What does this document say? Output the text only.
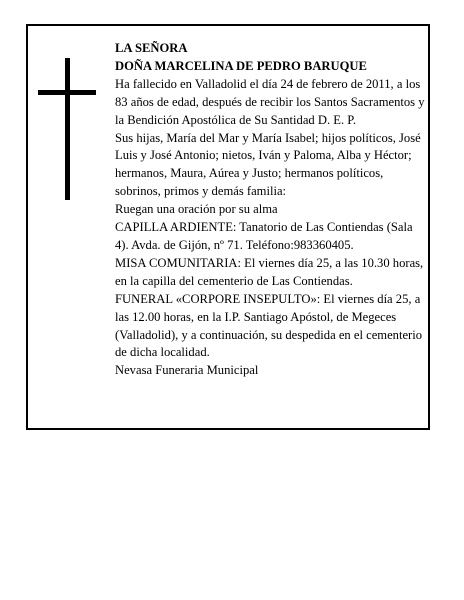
LA SEÑORA

DOÑA MARCELINA DE PEDRO BARUQUE

Ha fallecido en Valladolid el día 24 de febrero de 2011, a los 83 años de edad, después de recibir los Santos Sacramentos y la Bendición Apostólica de Su Santidad D. E. P.

Sus hijas, María del Mar y María Isabel; hijos políticos, José Luis y José Antonio; nietos, Iván y Paloma, Alba y Héctor; hermanos, Maura, Aúrea y Justo; hermanos políticos, sobrinos, primos y demás familia:

Ruegan una oración por su alma

CAPILLA ARDIENTE: Tanatorio de Las Contiendas (Sala 4). Avda. de Gijón, nº 71. Teléfono:983360405.

MISA COMUNITARIA: El viernes día 25, a las 10.30 horas, en la capilla del cementerio de Las Contiendas.

FUNERAL «CORPORE INSEPULTO»: El viernes día 25, a las 12.00 horas, en la I.P. Santiago Apóstol, de Megeces (Valladolid), y a continuación, su despedida en el cementerio de dicha localidad.

Nevasa Funeraria Municipal
